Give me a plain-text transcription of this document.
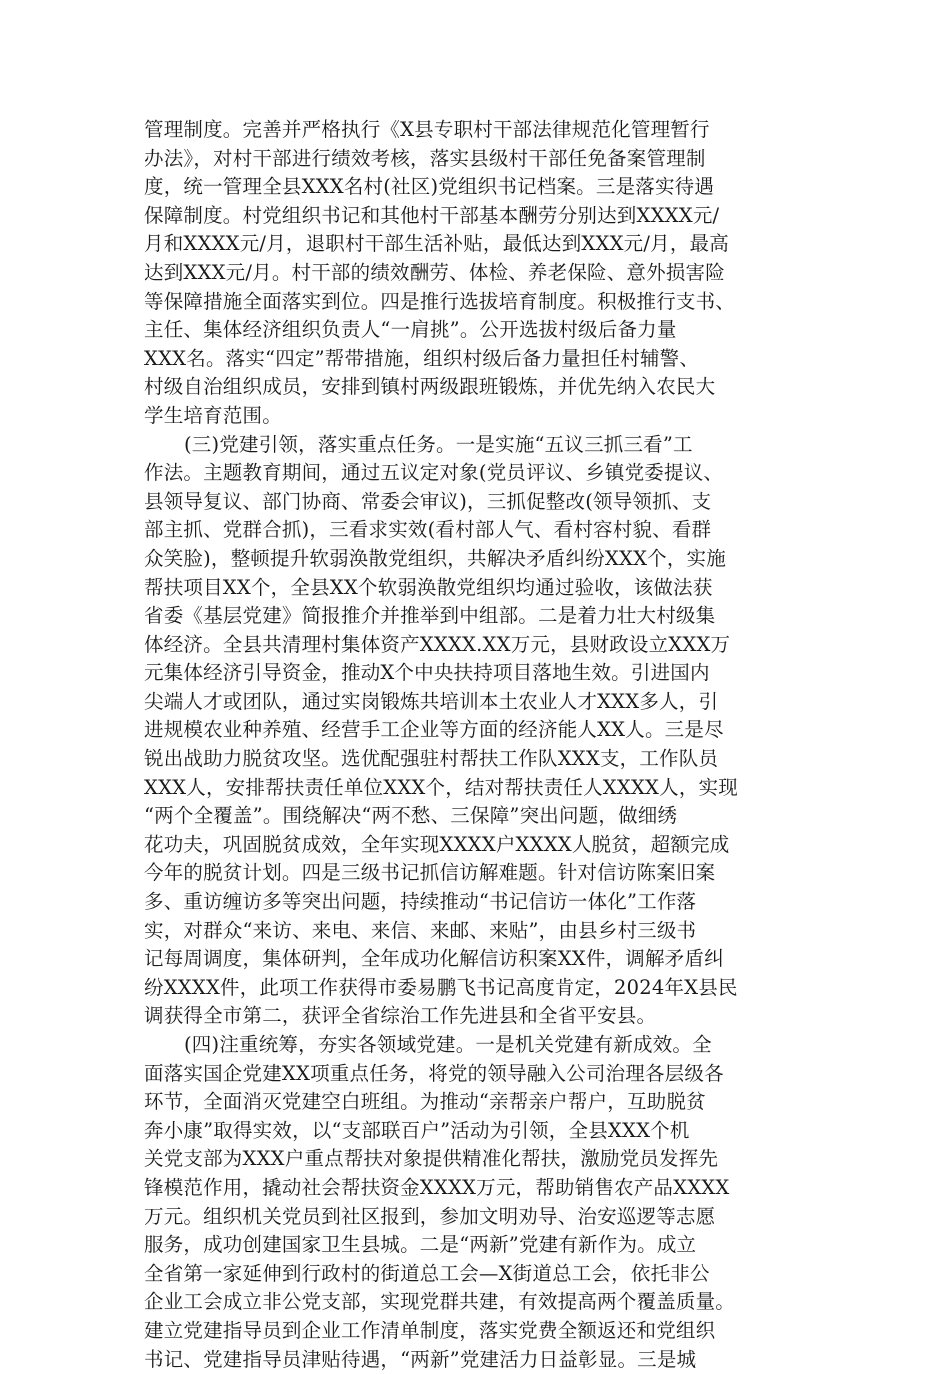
管理制度。完善并严格执行《X县专职村干部法律规范化管理暂行
办法》，对村干部进行绩效考核，落实县级村干部任免备案管理制
度，统一管理全县XXX名村(社区)党组织书记档案。三是落实待遇
保障制度。村党组织书记和其他村干部基本酬劳分别达到XXXX元/
月和XXXX元/月，退职村干部生活补贴，最低达到XXX元/月，最高
达到XXX元/月。村干部的绩效酬劳、体检、养老保险、意外损害险
等保障措施全面落实到位。四是推行选拔培育制度。积极推行支书、
主任、集体经济组织负责人“一肩挑”。公开选拔村级后备力量
XXX名。落实“四定”帮带措施，组织村级后备力量担任村辅警、
村级自治组织成员，安排到镇村两级跟班锻炼，并优先纳入农民大
学生培育范围。
(三)党建引领，落实重点任务。一是实施“五议三抓三看”工
作法。主题教育期间，通过五议定对象(党员评议、乡镇党委提议、
县领导复议、部门协商、常委会审议)，三抓促整改(领导领抓、支
部主抓、党群合抓)，三看求实效(看村部人气、看村容村貌、看群
众笑脸)，整顿提升软弱涣散党组织，共解决矛盾纠纷XXX个，实施
帮扶项目XX个，全县XX个软弱涣散党组织均通过验收，该做法获
省委《基层党建》简报推介并推举到中组部。二是着力壮大村级集
体经济。全县共清理村集体资产XXXX.XX万元，县财政设立XXX万
元集体经济引导资金，推动X个中央扶持项目落地生效。引进国内
尖端人才或团队，通过实岗锻炼共培训本土农业人才XXX多人，引
进规模农业种养殖、经营手工企业等方面的经济能人XX人。三是尽
锐出战助力脱贫攻坚。选优配强驻村帮扶工作队XXX支，工作队员
XXX人，安排帮扶责任单位XXX个，结对帮扶责任人XXXX人，实现
“两个全覆盖”。围绕解决“两不愁、三保障”突出问题，做细绣
花功夫，巩固脱贫成效，全年实现XXXX户XXXX人脱贫，超额完成
今年的脱贫计划。四是三级书记抓信访解难题。针对信访陈案旧案
多、重访缠访多等突出问题，持续推动“书记信访一体化”工作落
实，对群众“来访、来电、来信、来邮、来贴”，由县乡村三级书
记每周调度，集体研判，全年成功化解信访积案XX件，调解矛盾纠
纷XXXX件，此项工作获得市委易鹏飞书记高度肯定，2024年X县民
调获得全市第二，获评全省综治工作先进县和全省平安县。
(四)注重统筹，夯实各领域党建。一是机关党建有新成效。全
面落实国企党建XX项重点任务，将党的领导融入公司治理各层级各
环节，全面消灭党建空白班组。为推动“亲帮亲户帮户，互助脱贫
奔小康”取得实效，以“支部联百户”活动为引领，全县XXX个机
关党支部为XXX户重点帮扶对象提供精准化帮扶，激励党员发挥先
锋模范作用，撬动社会帮扶资金XXXX万元，帮助销售农产品XXXX
万元。组织机关党员到社区报到，参加文明劝导、治安巡逻等志愿
服务，成功创建国家卫生县城。二是“两新”党建有新作为。成立
全省第一家延伸到行政村的街道总工会—X街道总工会，依托非公
企业工会成立非公党支部，实现党群共建，有效提高两个覆盖质量。
建立党建指导员到企业工作清单制度，落实党费全额返还和党组织
书记、党建指导员津贴待遇，“两新”党建活力日益彰显。三是城
